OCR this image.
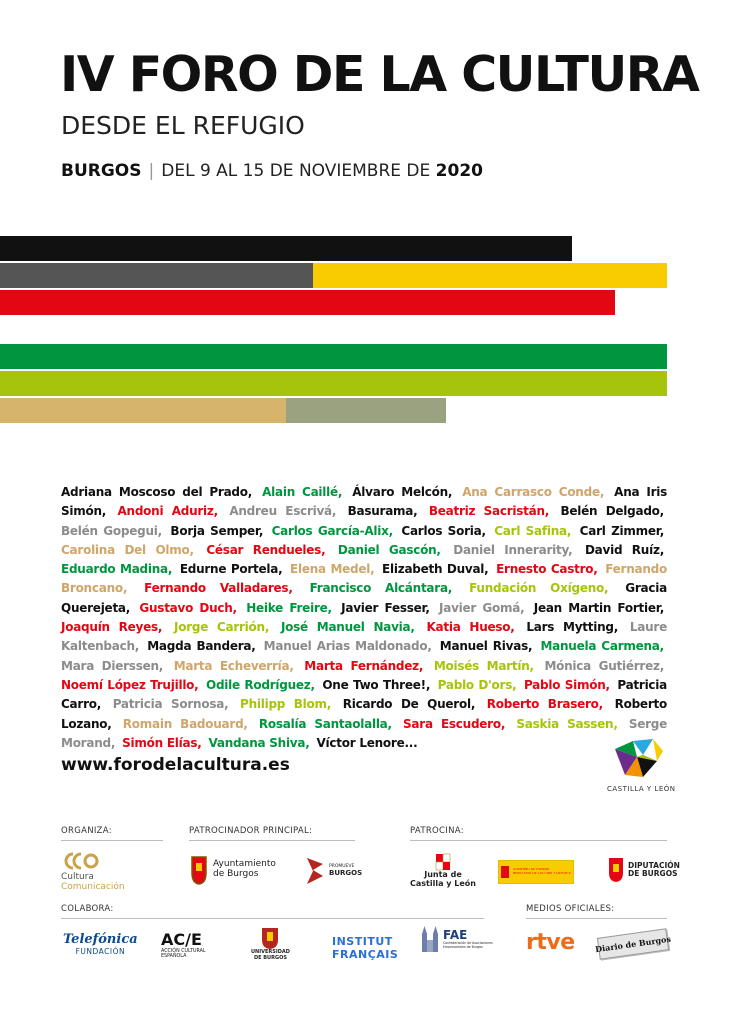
IV FORO DE LA CULTURA
DESDE EL REFUGIO
BURGOS | DEL 9 AL 15 DE NOVIEMBRE DE 2020
Adriana Moscoso del Prado, Alain Caillé, Álvaro Melcón, Ana Carrasco Conde, Ana Iris Simón, Andoni Aduriz, Andreu Escrivá, Basurama, Beatriz Sacristán, Belén Delgado, Belén Gopegui, Borja Semper, Carlos García-Alix, Carlos Soria, Carl Safina, Carl Zimmer, Carolina Del Olmo, César Rendueles, Daniel Gascón, Daniel Innerarity, David Ruíz, Eduardo Madina, Edurne Portela, Elena Medel, Elizabeth Duval, Ernesto Castro, Fernando Broncano, Fernando Valladares, Francisco Alcántara, Fundación Oxígeno, Gracia Querejeta, Gustavo Duch, Heike Freire, Javier Fesser, Javier Gomá, Jean Martin Fortier, Joaquín Reyes, Jorge Carrión, José Manuel Navia, Katia Hueso, Lars Mytting, Laure Kaltenbach, Magda Bandera, Manuel Arias Maldonado, Manuel Rivas, Manuela Carmena, Mara Dierssen, Marta Echeverría, Marta Fernández, Moisés Martín, Mónica Gutiérrez, Noemí López Trujillo, Odile Rodríguez, One Two Three!, Pablo D'ors, Pablo Simón, Patricia Carro, Patricia Sornosa, Philipp Blom, Ricardo De Querol, Roberto Brasero, Roberto Lozano, Romain Badouard, Rosalía Santaolalla, Sara Escudero, Saskia Sassen, Serge Morand, Simón Elías, Vandana Shiva, Víctor Lenore...
www.forodelacultura.es
CASTILLA Y LEÓN
ORGANIZA:	PATROCINADOR PRINCIPAL:	PATROCINA:
COLABORA:	MEDIOS OFICIALES:
Cultura
Comunicación
Ayuntamiento
de Burgos
PROMUEVE
BURGOS	Junta de
Castilla y León
GOBIERNO DE ESPAÑA
MINISTERIO DE CULTURA Y DEPORTE
DIPUTACIÓN
DE BURGOS
Telefónica
FUNDACIÓN
AC/E
ACCIÓN CULTURAL
ESPAÑOLA
UNIVERSIDAD
DE BURGOS
INSTITUT
FRANÇAIS
FAE
Confederación de Asociaciones
Empresariales de Burgos	rtve Diario de Burgos
